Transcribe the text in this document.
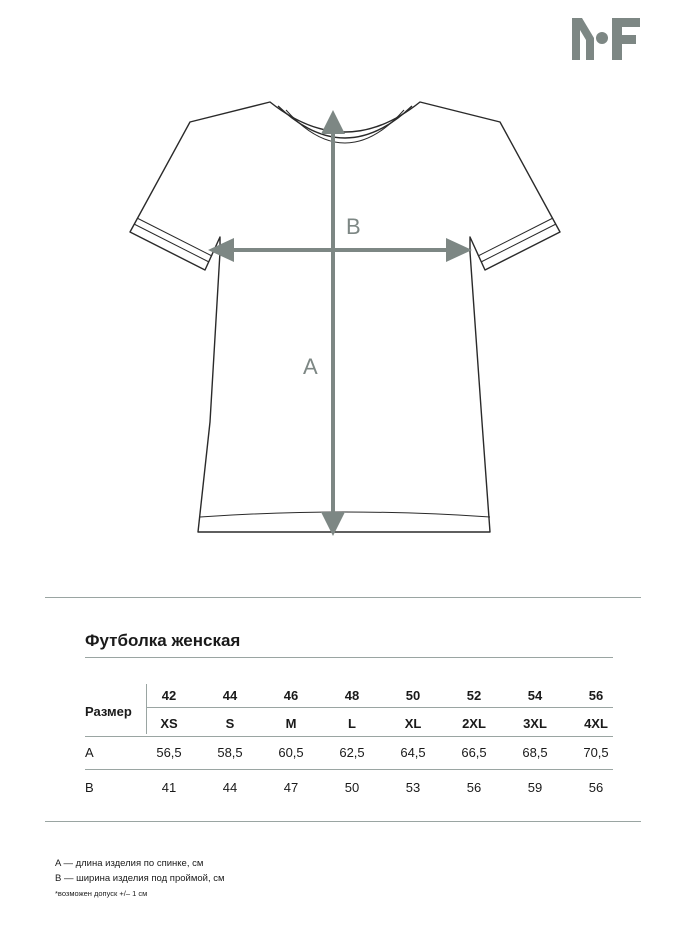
B
A
Футболка женская
Размер
42	44	46	48	50	52	54	56
XS	S	M	L	XL	2XL	3XL	4XL
A	56,5	58,5	60,5	62,5	64,5	66,5	68,5	70,5
B	41	44	47	50	53	56	59	56
A — длина изделия по спинке, см
B — ширина изделия под проймой, см
*возможен допуск +/– 1 см
